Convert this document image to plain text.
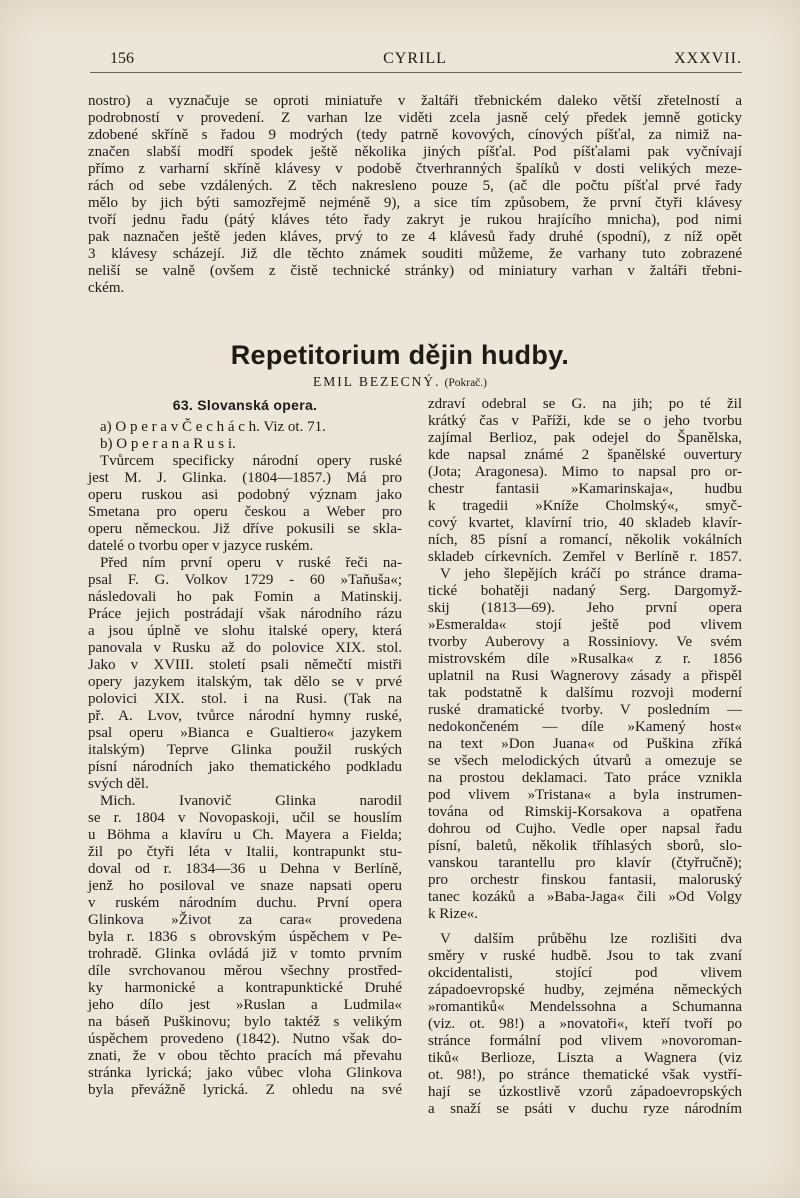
156	CYRILL	XXXVII.
nostro) a vyznačuje se oproti miniatuře v žaltáři třebnickém daleko větší zřetelností a
podrobností v provedení. Z varhan lze viděti zcela jasně celý předek jemně goticky
zdobené skříně s řadou 9 modrých (tedy patrně kovových, cínových píšťal, za nimiž na-
značen slabší modří spodek ještě několika jiných píšťal. Pod píšťalami pak vyčnívají
přímo z varharní skříně klávesy v podobě čtverhranných špalíků v dosti velikých meze-
rách od sebe vzdálených. Z těch nakresleno pouze 5, (ač dle počtu píšťal prvé řady
mělo by jich býti samozřejmě nejméně 9), a sice tím způsobem, že první čtyři klávesy
tvoří jednu řadu (pátý kláves této řady zakryt je rukou hrajícího mnicha), pod nimi
pak naznačen ještě jeden kláves, prvý to ze 4 klávesů řady druhé (spodní), z níž opět
3 klávesy scházejí. Již dle těchto známek souditi můžeme, že varhany tuto zobrazené
neliší se valně (ovšem z čistě technické stránky) od miniatury varhan v žaltáři třebni-
ckém.
Repetitorium dějin hudby.
EMIL BEZECNÝ. (Pokrač.)
63. Slovanská opera.
a) O p e r a v Č e c h á c h. Viz ot. 71.
b) O p e r a n a R u s i.
Tvůrcem specificky národní opery ruské
jest M. J. Glinka. (1804—1857.) Má pro
operu ruskou asi podobný význam jako
Smetana pro operu českou a Weber pro
operu německou. Již dříve pokusili se skla-
datelé o tvorbu oper v jazyce ruském.
Před ním první operu v ruské řeči na-
psal F. G. Volkov 1729 - 60 »Taňuša«;
následovali ho pak Fomin a Matinskij.
Práce jejich postrádají však národního rázu
a jsou úplně ve slohu italské opery, která
panovala v Rusku až do polovice XIX. stol.
Jako v XVIII. století psali němečtí mistři
opery jazykem italským, tak dělo se v prvé
polovici XIX. stol. i na Rusi. (Tak na
př. A. Lvov, tvůrce národní hymny ruské,
psal operu »Bianca e Gualtiero« jazykem
italským) Teprve Glinka použil ruských
písní národních jako thematického podkladu
svých děl.
Mich. Ivanovič Glinka narodil
se r. 1804 v Novopaskoji, učil se houslím
u Böhma a klavíru u Ch. Mayera a Fielda;
žil po čtyři léta v Italii, kontrapunkt stu-
doval od r. 1834—36 u Dehna v Berlíně,
jenž ho posiloval ve snaze napsati operu
v ruském národním duchu. První opera
Glinkova »Život za cara« provedena
byla r. 1836 s obrovským úspěchem v Pe-
trohradě. Glinka ovládá již v tomto prvním
díle svrchovanou měrou všechny prostřed-
ky harmonické a kontrapunktické Druhé
jeho dílo jest »Ruslan a Ludmila«
na báseň Puškinovu; bylo taktéž s velikým
úspěchem provedeno (1842). Nutno však do-
znati, že v obou těchto pracích má převahu
stránka lyrická; jako vůbec vloha Glinkova
byla převážně lyrická. Z ohledu na své
zdraví odebral se G. na jih; po té žil
krátký čas v Paříži, kde se o jeho tvorbu
zajímal Berlioz, pak odejel do Španělska,
kde napsal známé 2 španělské ouvertury
(Jota; Aragonesa). Mimo to napsal pro or-
chestr fantasii »Kamarinskaja«, hudbu
k tragedii »Kníže Cholmský«, smyč-
cový kvartet, klavírní trio, 40 skladeb klavír-
ních, 85 písní a romancí, několik vokálních
skladeb církevních. Zemřel v Berlíně r. 1857.
V jeho šlepějích kráčí po stránce drama-
tické bohatěji nadaný Serg. Dargomyž-
skij (1813—69). Jeho první opera
»Esmeralda« stojí ještě pod vlivem
tvorby Auberovy a Rossiniovy. Ve svém
mistrovském díle »Rusalka« z r. 1856
uplatnil na Rusi Wagnerovy zásady a přispěl
tak podstatně k dalšímu rozvoji moderní
ruské dramatické tvorby. V posledním —
nedokončeném — díle »Kamený host«
na text »Don Juana« od Puškina zříká
se všech melodických útvarů a omezuje se
na prostou deklamaci. Tato práce vznikla
pod vlivem »Tristana« a byla instrumen-
tována od Rimskij-Korsakova a opatřena
dohrou od Cujho. Vedle oper napsal řadu
písní, baletů, několik tříhlasých sborů, slo-
vanskou tarantellu pro klavír (čtyřručně);
pro orchestr finskou fantasii, maloruský
tanec kozáků a »Baba-Jaga« čili »Od Volgy
k Rize«.
V dalším průběhu lze rozlišiti dva
směry v ruské hudbě. Jsou to tak zvaní
okcidentalisti, stojící pod vlivem
západoevropské hudby, zejména německých
»romantiků« Mendelssohna a Schumanna
(viz. ot. 98!) a »novatoři«, kteří tvoří po
stránce formální pod vlivem »novoroman-
tiků« Berlioze, Liszta a Wagnera (viz
ot. 98!), po stránce thematické však vystří-
hají se úzkostlivě vzorů západoevropských
a snaží se psáti v duchu ryze národním
